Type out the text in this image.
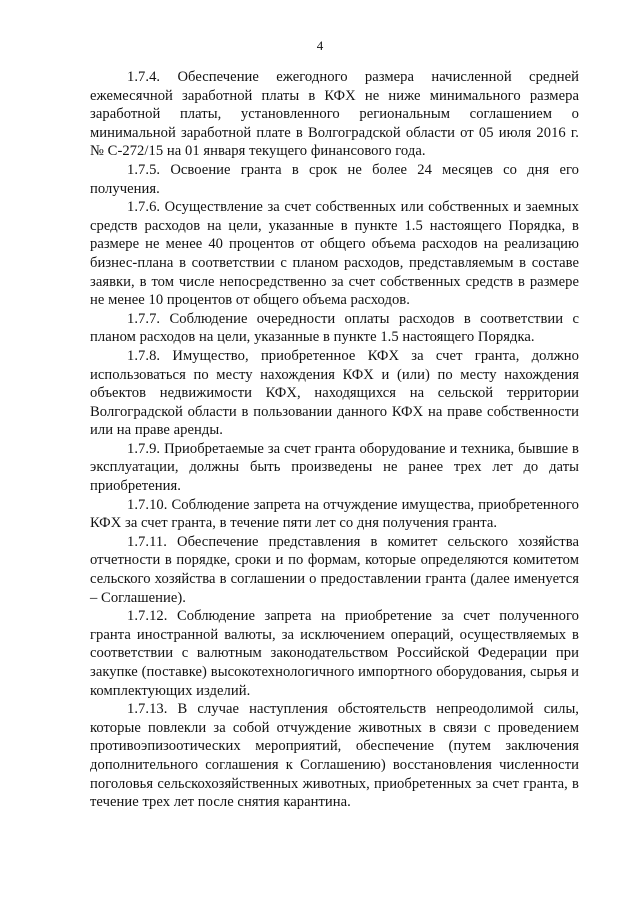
4

1.7.4. Обеспечение ежегодного размера начисленной средней ежемесячной заработной платы в КФХ не ниже минимального размера заработной платы, установленного региональным соглашением о минимальной заработной плате в Волгоградской области от 05 июля 2016 г. № С-272/15 на 01 января текущего финансового года.

1.7.5. Освоение гранта в срок не более 24 месяцев со дня его получения.

1.7.6. Осуществление за счет собственных или собственных и заемных средств расходов на цели, указанные в пункте 1.5 настоящего Порядка, в размере не менее 40 процентов от общего объема расходов на реализацию бизнес-плана в соответствии с планом расходов, представляемым в составе заявки, в том числе непосредственно за счет собственных средств в размере не менее 10 процентов от общего объема расходов.

1.7.7. Соблюдение очередности оплаты расходов в соответствии с планом расходов на цели, указанные в пункте 1.5 настоящего Порядка.

1.7.8. Имущество, приобретенное КФХ за счет гранта, должно использоваться по месту нахождения КФХ и (или) по месту нахождения объектов недвижимости КФХ, находящихся на сельской территории Волгоградской области в пользовании данного КФХ на праве собственности или на праве аренды.

1.7.9. Приобретаемые за счет гранта оборудование и техника, бывшие в эксплуатации, должны быть произведены не ранее трех лет до даты приобретения.

1.7.10. Соблюдение запрета на отчуждение имущества, приобретенного КФХ за счет гранта, в течение пяти лет со дня получения гранта.

1.7.11. Обеспечение представления в комитет сельского хозяйства отчетности в порядке, сроки и по формам, которые определяются комитетом сельского хозяйства в соглашении о предоставлении гранта (далее именуется – Соглашение).

1.7.12. Соблюдение запрета на приобретение за счет полученного гранта иностранной валюты, за исключением операций, осуществляемых в соответствии с валютным законодательством Российской Федерации при закупке (поставке) высокотехнологичного импортного оборудования, сырья и комплектующих изделий.

1.7.13. В случае наступления обстоятельств непреодолимой силы, которые повлекли за собой отчуждение животных в связи с проведением противоэпизоотических мероприятий, обеспечение (путем заключения дополнительного соглашения к Соглашению) восстановления численности поголовья сельскохозяйственных животных, приобретенных за счет гранта, в течение трех лет после снятия карантина.
